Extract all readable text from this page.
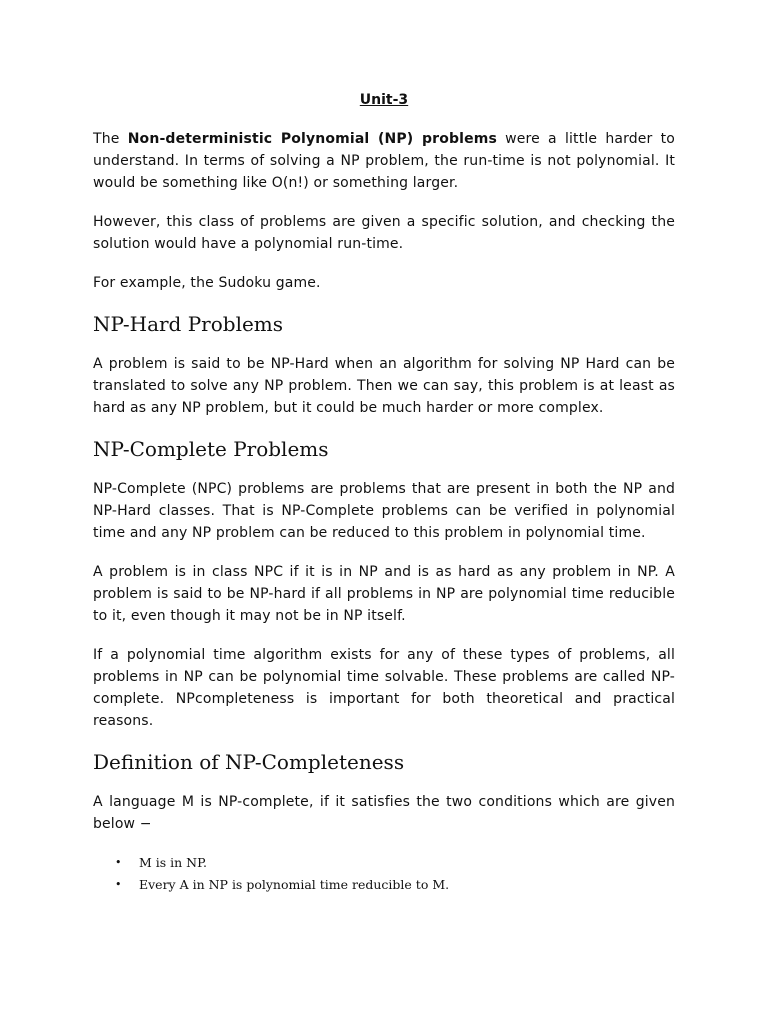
Unit-3

The Non-deterministic Polynomial (NP) problems were a little harder to understand. In terms of solving a NP problem, the run-time is not polynomial. It would be something like O(n!) or something larger.

However, this class of problems are given a specific solution, and checking the solution would have a polynomial run-time.

For example, the Sudoku game.

NP-Hard Problems

A problem is said to be NP-Hard when an algorithm for solving NP Hard can be translated to solve any NP problem. Then we can say, this problem is at least as hard as any NP problem, but it could be much harder or more complex.

NP-Complete Problems

NP-Complete (NPC) problems are problems that are present in both the NP and NP-Hard classes. That is NP-Complete problems can be verified in polynomial time and any NP problem can be reduced to this problem in polynomial time.

A problem is in class NPC if it is in NP and is as hard as any problem in NP. A problem is said to be NP-hard if all problems in NP are polynomial time reducible to it, even though it may not be in NP itself.

If a polynomial time algorithm exists for any of these types of problems, all problems in NP can be polynomial time solvable. These problems are called NP-complete. NPcompleteness is important for both theoretical and practical reasons.

Definition of NP-Completeness

A language M is NP-complete, if it satisfies the two conditions which are given below −

• M is in NP.
• Every A in NP is polynomial time reducible to M.
